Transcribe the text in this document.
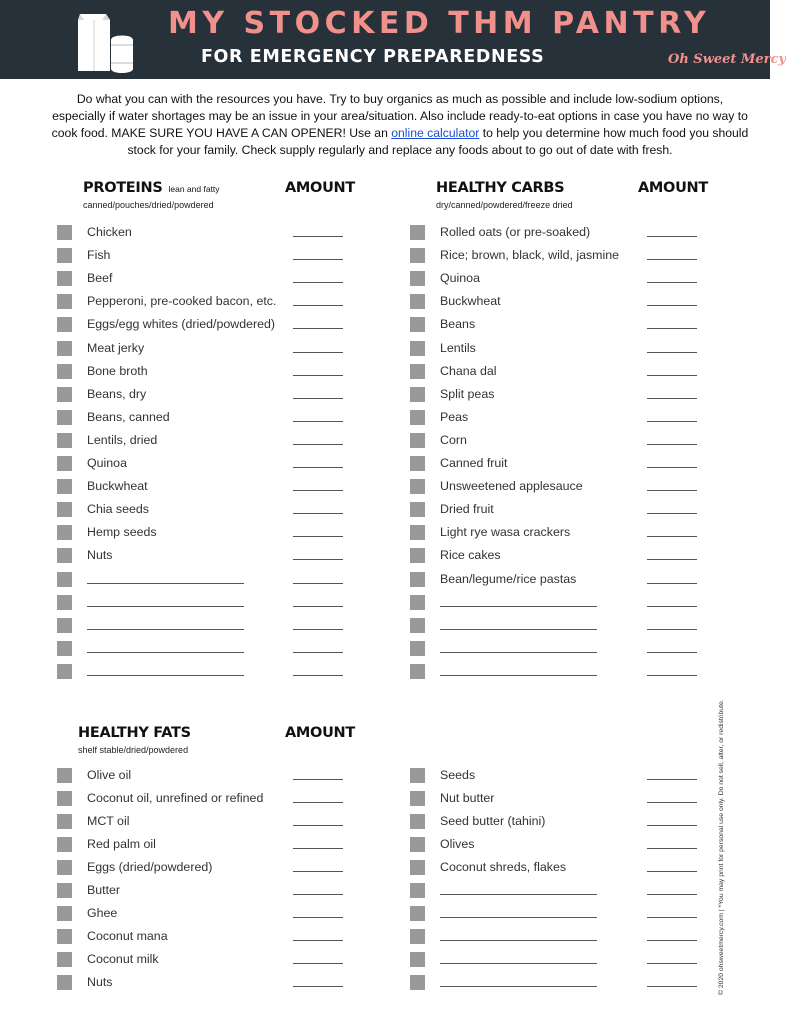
MY STOCKED THM PANTRY
FOR EMERGENCY PREPAREDNESS	Oh Sweet Mercy
Do what you can with the resources you have. Try to buy organics as much as possible and include low-sodium options, especially if water shortages may be an issue in your area/situation. Also include ready-to-eat options in case you have no way to cook food. MAKE SURE YOU HAVE A CAN OPENER! Use an online calculator to help you determine how much food you should stock for your family. Check supply regularly and replace any foods about to go out of date with fresh.
PROTEINS lean and fatty
canned/pouches/dried/powdered
AMOUNT
Chicken
Fish
Beef
Pepperoni, pre-cooked bacon, etc.
Eggs/egg whites (dried/powdered)
Meat jerky
Bone broth
Beans, dry
Beans, canned
Lentils, dried
Quinoa
Buckwheat
Chia seeds
Hemp seeds
Nuts
HEALTHY CARBS
dry/canned/powdered/freeze dried
AMOUNT
Rolled oats (or pre-soaked)
Rice; brown, black, wild, jasmine
Quinoa
Buckwheat
Beans
Lentils
Chana dal
Split peas
Peas
Corn
Canned fruit
Unsweetened applesauce
Dried fruit
Light rye wasa crackers
Rice cakes
Bean/legume/rice pastas
HEALTHY FATS
shelf stable/dried/powdered
AMOUNT
Olive oil
Coconut oil, unrefined or refined
MCT oil
Red palm oil
Eggs (dried/powdered)
Butter
Ghee
Coconut mana
Coconut milk
Nuts
Seeds
Nut butter
Seed butter (tahini)
Olives
Coconut shreds, flakes	© 2020 ohsweetmercy.com | *You may print for personal use only. Do not sell, alter, or redistribute.
